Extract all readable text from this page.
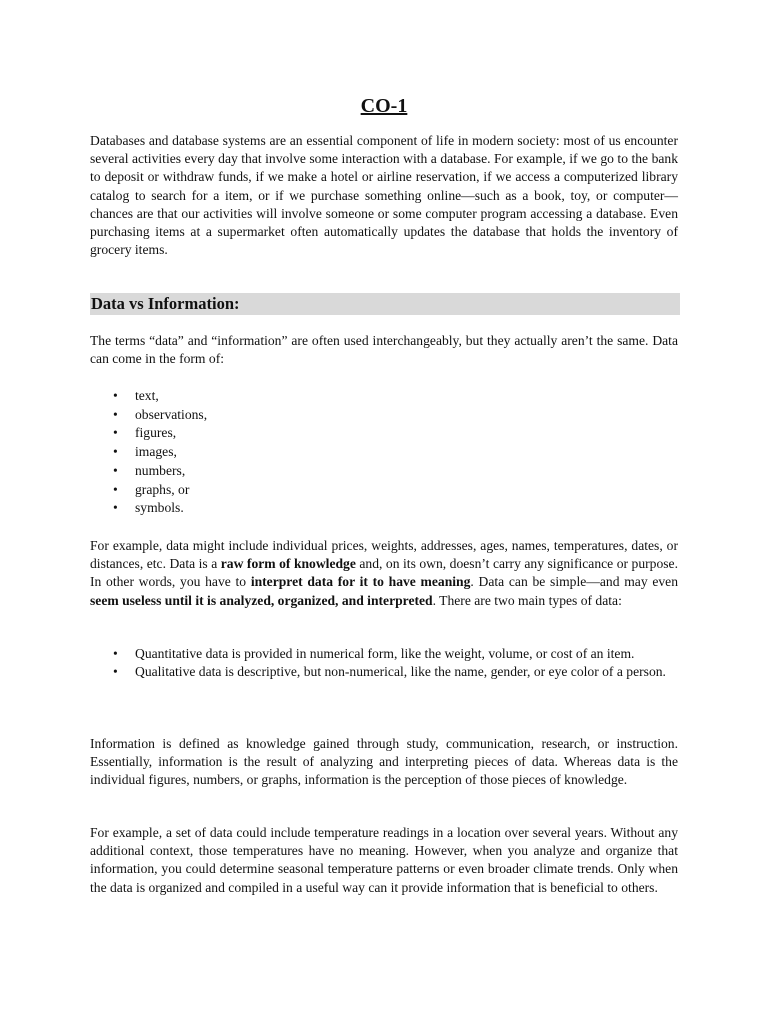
CO-1

Databases and database systems are an essential component of life in modern society: most of us encounter several activities every day that involve some interaction with a database. For example, if we go to the bank to deposit or withdraw funds, if we make a hotel or airline reservation, if we access a computerized library catalog to search for a item, or if we purchase something online—such as a book, toy, or computer—chances are that our activities will involve someone or some computer program accessing a database. Even purchasing items at a supermarket often automatically updates the database that holds the inventory of grocery items.

Data vs Information:

The terms “data” and “information” are often used interchangeably, but they actually aren’t the same. Data can come in the form of:

• text,
• observations,
• figures,
• images,
• numbers,
• graphs, or
• symbols.

For example, data might include individual prices, weights, addresses, ages, names, temperatures, dates, or distances, etc. Data is a raw form of knowledge and, on its own, doesn’t carry any significance or purpose. In other words, you have to interpret data for it to have meaning. Data can be simple—and may even seem useless until it is analyzed, organized, and interpreted. There are two main types of data:

• Quantitative data is provided in numerical form, like the weight, volume, or cost of an item.
• Qualitative data is descriptive, but non-numerical, like the name, gender, or eye color of a person.

Information is defined as knowledge gained through study, communication, research, or instruction. Essentially, information is the result of analyzing and interpreting pieces of data. Whereas data is the individual figures, numbers, or graphs, information is the perception of those pieces of knowledge.

For example, a set of data could include temperature readings in a location over several years. Without any additional context, those temperatures have no meaning. However, when you analyze and organize that information, you could determine seasonal temperature patterns or even broader climate trends. Only when the data is organized and compiled in a useful way can it provide information that is beneficial to others.
